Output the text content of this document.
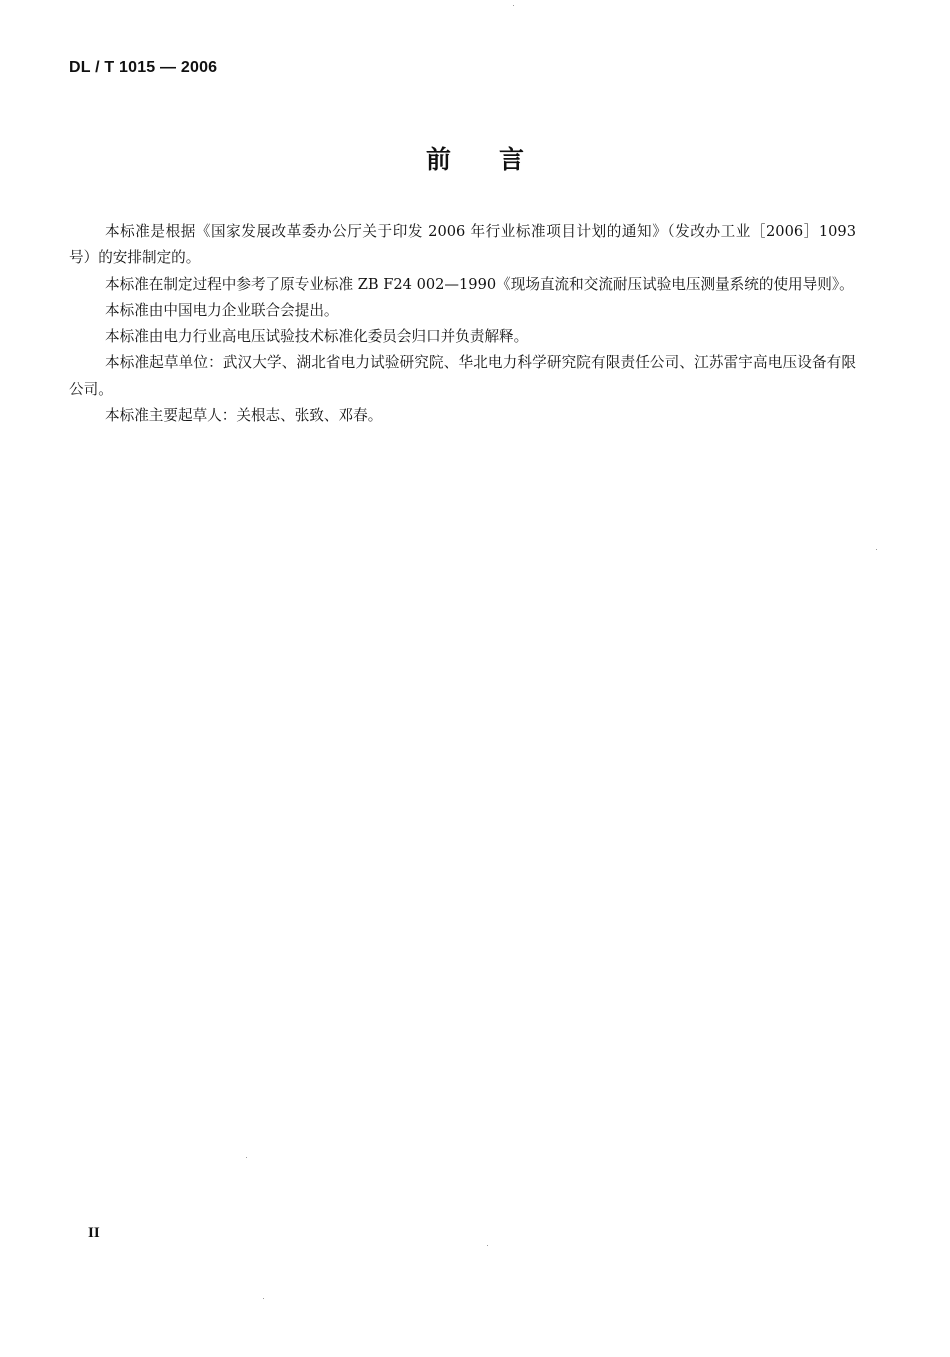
DL / T 1015 — 2006
前言

本标准是根据《国家发展改革委办公厅关于印发 2006 年行业标准项目计划的通知》（发改办工业［2006］1093 号）的安排制定的。

本标准在制定过程中参考了原专业标准 ZB F24 002—1990《现场直流和交流耐压试验电压测量系统的使用导则》。

本标准由中国电力企业联合会提出。

本标准由电力行业高电压试验技术标准化委员会归口并负责解释。

本标准起草单位：武汉大学、湖北省电力试验研究院、华北电力科学研究院有限责任公司、江苏雷宇高电压设备有限公司。

本标准主要起草人：关根志、张致、邓春。

II
